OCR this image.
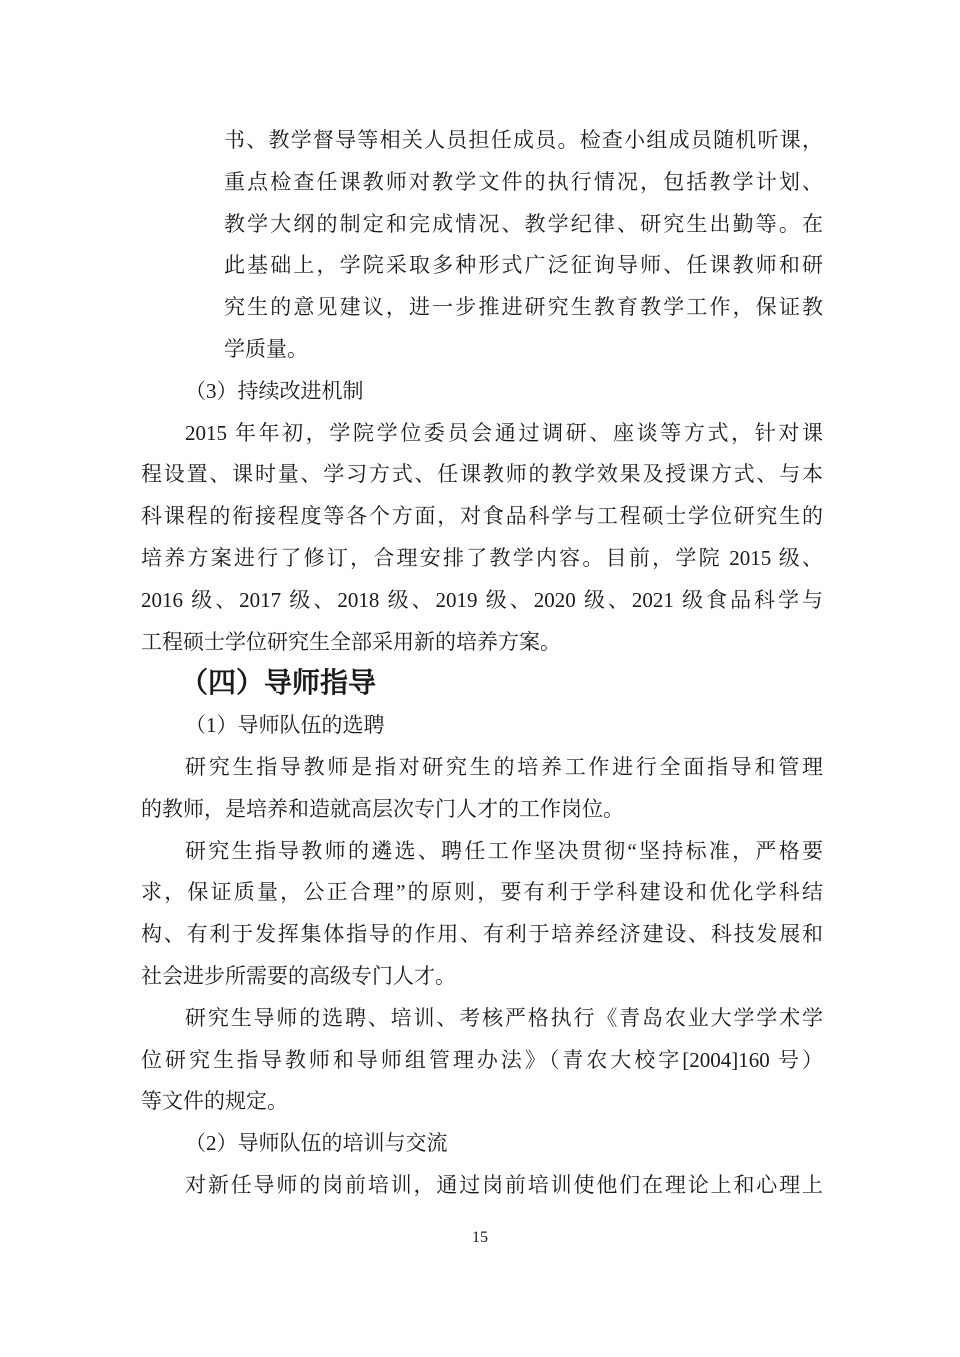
书、教学督导等相关人员担任成员。检查小组成员随机听课，
重点检查任课教师对教学文件的执行情况，包括教学计划、
教学大纲的制定和完成情况、教学纪律、研究生出勤等。在
此基础上，学院采取多种形式广泛征询导师、任课教师和研
究生的意见建议，进一步推进研究生教育教学工作，保证教
学质量。
（3）持续改进机制
2015 年年初，学院学位委员会通过调研、座谈等方式，针对课
程设置、课时量、学习方式、任课教师的教学效果及授课方式、与本
科课程的衔接程度等各个方面，对食品科学与工程硕士学位研究生的
培养方案进行了修订，合理安排了教学内容。目前，学院 2015 级、
2016 级、2017 级、2018 级、2019 级、2020 级、2021 级食品科学与
工程硕士学位研究生全部采用新的培养方案。
（四）导师指导
（1）导师队伍的选聘
研究生指导教师是指对研究生的培养工作进行全面指导和管理
的教师，是培养和造就高层次专门人才的工作岗位。
研究生指导教师的遴选、聘任工作坚决贯彻“坚持标准，严格要
求，保证质量，公正合理”的原则，要有利于学科建设和优化学科结
构、有利于发挥集体指导的作用、有利于培养经济建设、科技发展和
社会进步所需要的高级专门人才。
研究生导师的选聘、培训、考核严格执行《青岛农业大学学术学
位研究生指导教师和导师组管理办法》（青农大校字[2004]160 号）
等文件的规定。
（2）导师队伍的培训与交流
对新任导师的岗前培训，通过岗前培训使他们在理论上和心理上
15
